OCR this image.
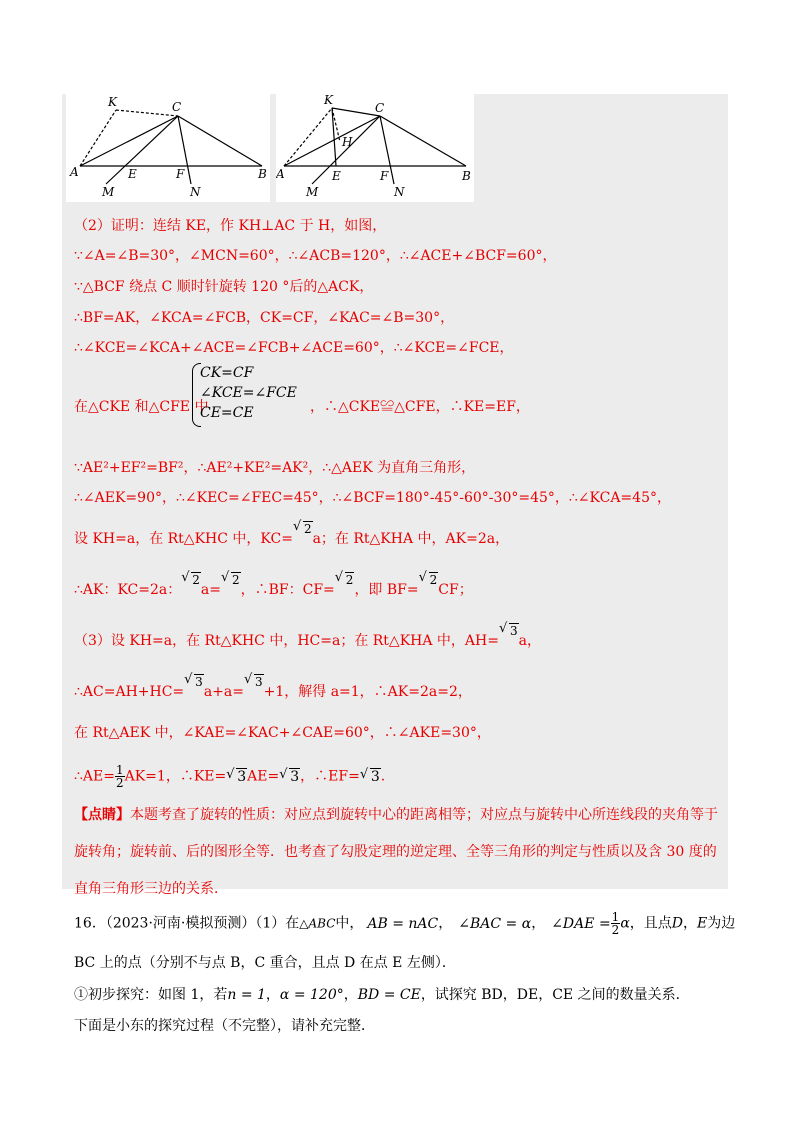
K	C
A
M
E	F
N
B
K
C
H
A
M
E	F
N
B
（2）证明：连结 KE，作 KH⊥AC 于 H，如图，
∵∠A=∠B=30°，∠MCN=60°，∴∠ACB=120°，∴∠ACE+∠BCF=60°，
∵△BCF 绕点 C 顺时针旋转 120 °后的△ACK，
∴BF=AK，∠KCA=∠FCB，CK=CF，∠KAC=∠B=30°，
∴∠KCE=∠KCA+∠ACE=∠FCB+∠ACE=60°，∴∠KCE=∠FCE，
在△CKE 和△CFE 中
CK=CF
∠KCE=∠FCE
CE=CE	，∴△CKE≌△CFE，∴KE=EF，
∵AE²+EF²=BF²，∴AE²+KE²=AK²，∴△AEK 为直角三角形，
∴∠AEK=90°，∴∠KEC=∠FEC=45°，∴∠BCF=180°-45°-60°-30°=45°，∴∠KCA=45°，
设 KH=a，在 Rt△KHC 中，KC=√ 2a；在 Rt△KHA 中，AK=2a，
∴AK：KC=2a：√ 2a=√ 2，∴BF：CF=√ 2，即 BF=√ 2CF；
（3）设 KH=a，在 Rt△KHC 中，HC=a；在 Rt△KHA 中，AH=√ 3a，
∴AC=AH+HC=√ 3a+a=√ 3+1，解得 a=1，∴AK=2a=2，
在 Rt△AEK 中，∠KAE=∠KAC+∠CAE=60°，∴∠AKE=30°，
∴AE= $\frac{1}{2} AK=1$，∴KE= √ 3AE= √ 3，∴EF= √ 3.
【点睛】本题考查了旋转的性质：对应点到旋转中心的距离相等；对应点与旋转中心所连线段的夹角等于旋转角；旋转前、后的图形全等．也考查了勾股定理的逆定理、全等三角形的判定与性质以及含 30 度的直角三角形三边的关系．
16．（2023·河南·模拟预测）（1）在△ABC中， AB = nAC， ∠BAC = α， ∠DAE = $\frac{1}{2}$ α，且点D，E为边
BC 上的点（分别不与点 B，C 重合，且点 D 在点 E 左侧）．
①初步探究：如图 1，若n = 1，α = 120°，BD = CE，试探究 BD，DE，CE 之间的数量关系．
下面是小东的探究过程（不完整），请补充完整．
